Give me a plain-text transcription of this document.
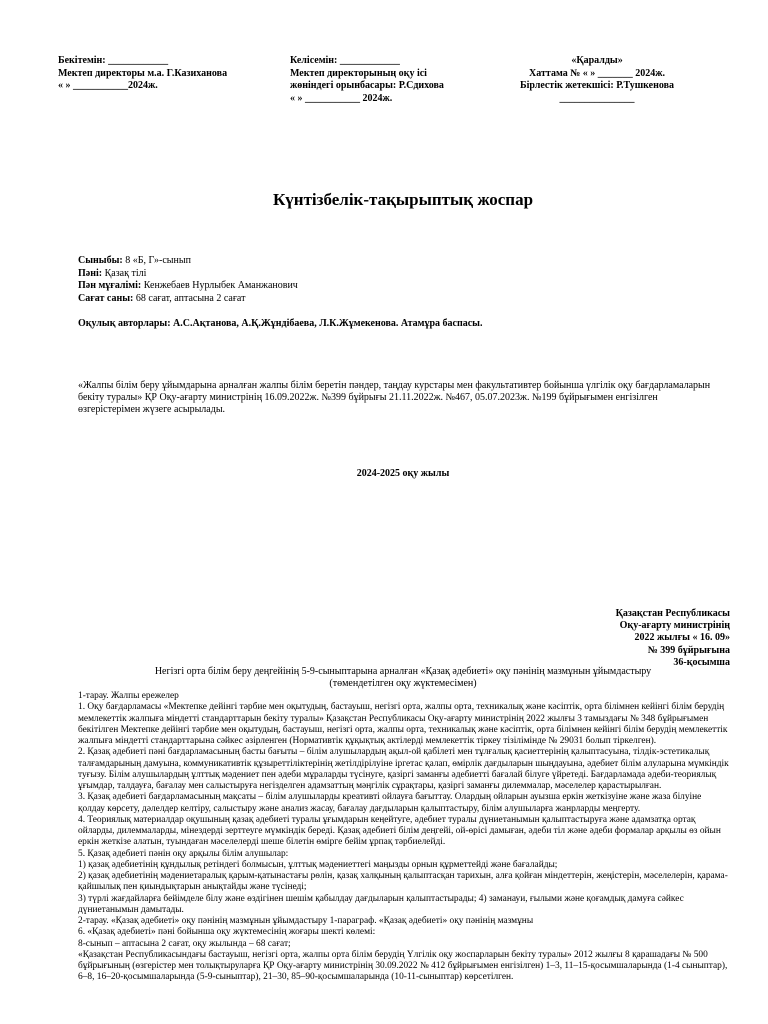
Бекітемін: ____________
Мектеп директоры м.а. Г.Казиханова
« » ___________2024ж.
Келісемін: ____________
Мектеп директорының оқу ісі
жөніндегі орынбасары: Р.Сдихова
« » ___________ 2024ж.
«Қаралды»
Хаттама № « » _______ 2024ж.
Бірлестік жетекшісі: Р.Тушкенова
_______________
Күнтізбелік-тақырыптық жоспар
Сыныбы: 8 «Б, Г»-сынып
Пәні: Қазақ тілі
Пән мұғалімі: Кенжебаев Нурлыбек Аманжанович
Сағат саны: 68 сағат, аптасына 2 сағат
Оқулық авторлары: А.С.Ақтанова, А.Қ.Жұндібаева, Л.К.Жұмекенова. Атамұра баспасы.
«Жалпы білім беру ұйымдарына арналған жалпы білім беретін пәндер, таңдау курстары мен факультативтер бойынша үлгілік оқу бағдарламаларын бекіту туралы» ҚР Оқу-ағарту министрінің 16.09.2022ж. №399 бұйрығы 21.11.2022ж. №467, 05.07.2023ж. №199 бұйрығымен енгізілген өзгерістерімен жүзеге асырылады.
2024-2025 оқу жылы
Қазақстан Республикасы
Оқу-ағарту министрінің
2022 жылғы « 16. 09»
№ 399 бұйрығына
36-қосымша
Негізгі орта білім беру деңгейінің 5-9-сыныптарына арналған «Қазақ әдебиеті» оқу пәнінің мазмұнын ұйымдастыру
(төмендетілген оқу жүктемесімен)

1-тарау. Жалпы ережелер

1. Оқу бағдарламасы «Мектепке дейінгі тәрбие мен оқытудың, бастауыш, негізгі орта, жалпы орта, техникалық және кәсіптік, орта білімнен кейінгі білім берудің мемлекеттік жалпыға міндетті стандарттарын бекіту туралы» Қазақстан Республикасы Оқу-ағарту министрінің 2022 жылғы 3 тамыздағы № 348 бұйрығымен бекітілген Мектепке дейінгі тәрбие мен оқытудың, бастауыш, негізгі орта, жалпы орта, техникалық және кәсіптік, орта білімнен кейінгі білім берудің мемлекеттік жалпыға міндетті стандарттарына сәйкес әзірленген (Нормативтік құқықтық актілерді мемлекеттік тіркеу тізілімінде № 29031 болып тіркелген).

2. Қазақ әдебиеті пәні бағдарламасының басты бағыты – білім алушылардың ақыл-ой қабілеті мен тұлғалық қасиеттерінің қалыптасуына, тілдік-эстетикалық талғамдарының дамуына, коммуникативтік құзыреттіліктерінің жетілдірілуіне іргетас қалап, өмірлік дағдыларын шыңдауына, әдебиет білім алуларына мүмкіндік туғызу. Білім алушылардың ұлттық мәдениет пен әдеби мұраларды түсінуге, қазіргі заманғы әдебиетті бағалай білуге үйретеді. Бағдарламада әдеби-теориялық ұғымдар, талдауға, бағалау мен салыстыруға негізделген адамзаттың мәңгілік сұрақтары, қазіргі заманғы дилеммалар, мәселелер қарастырылған.

3. Қазақ әдебиеті бағдарламасының мақсаты – білім алушыларды креативті ойлауға бағыттау. Олардың ойларын ауызша еркін жеткізуіне және жаза білуіне қолдау көрсету, дәлелдер келтіру, салыстыру және анализ жасау, бағалау дағдыларын қалыптастыру, білім алушыларға жанрларды меңгерту.

4. Теориялық материалдар оқушының қазақ әдебиеті туралы ұғымдарын кеңейтуге, әдебиет туралы дүниетанымын қалыптастыруға және адамзатқа ортақ ойларды, дилеммаларды, мінездерді зерттеуге мүмкіндік береді. Қазақ әдебиеті білім деңгейі, ой-өрісі дамыған, әдеби тіл және әдеби формалар арқылы өз ойын еркін жеткізе алатын, туындаған мәселелерді шеше білетін өмірге бейім ұрпақ тәрбиелейді.

5. Қазақ әдебиеті пәнін оқу арқылы білім алушылар:

1) қазақ әдебиетінің құндылық ретіндегі болмысын, ұлттық мәдениеттегі маңызды орнын құрметтейді және бағалайды;

2) қазақ әдебиетінің мәдениетаралық қарым-қатынастағы рөлін, қазақ халқының қалыптасқан тарихын, алға қойған міндеттерін, жеңістерін, мәселелерін, қарама-қайшылық пен қиындықтарын анықтайды және түсінеді;

3) түрлі жағдайларға бейімделе білу және өздігінен шешім қабылдау дағдыларын қалыптастырады; 4) заманауи, ғылыми және қоғамдық дамуға сәйкес дүниетанымын дамытады.

2-тарау. «Қазақ әдебиеті» оқу пәнінің мазмұнын ұйымдастыру 1-параграф. «Қазақ әдебиеті» оқу пәнінің мазмұны

6. «Қазақ әдебиеті» пәні бойынша оқу жүктемесінің жоғары шекті көлемі:

8-сынып – аптасына 2 сағат, оқу жылында – 68 сағат;

«Қазақстан Республикасындағы бастауыш, негізгі орта, жалпы орта білім берудің Үлгілік оқу жоспарларын бекіту туралы» 2012 жылғы 8 қарашадағы № 500 бұйрығының (өзгерістер мен толықтыруларға ҚР Оқу-ағарту министрінің 30.09.2022 № 412 бұйрығымен енгізілген) 1–3, 11–15-қосымшаларында (1-4 сыныптар), 6–8, 16–20-қосымшаларында (5-9-сыныптар), 21–30, 85–90-қосымшаларында (10-11-сыныптар) көрсетілген.
